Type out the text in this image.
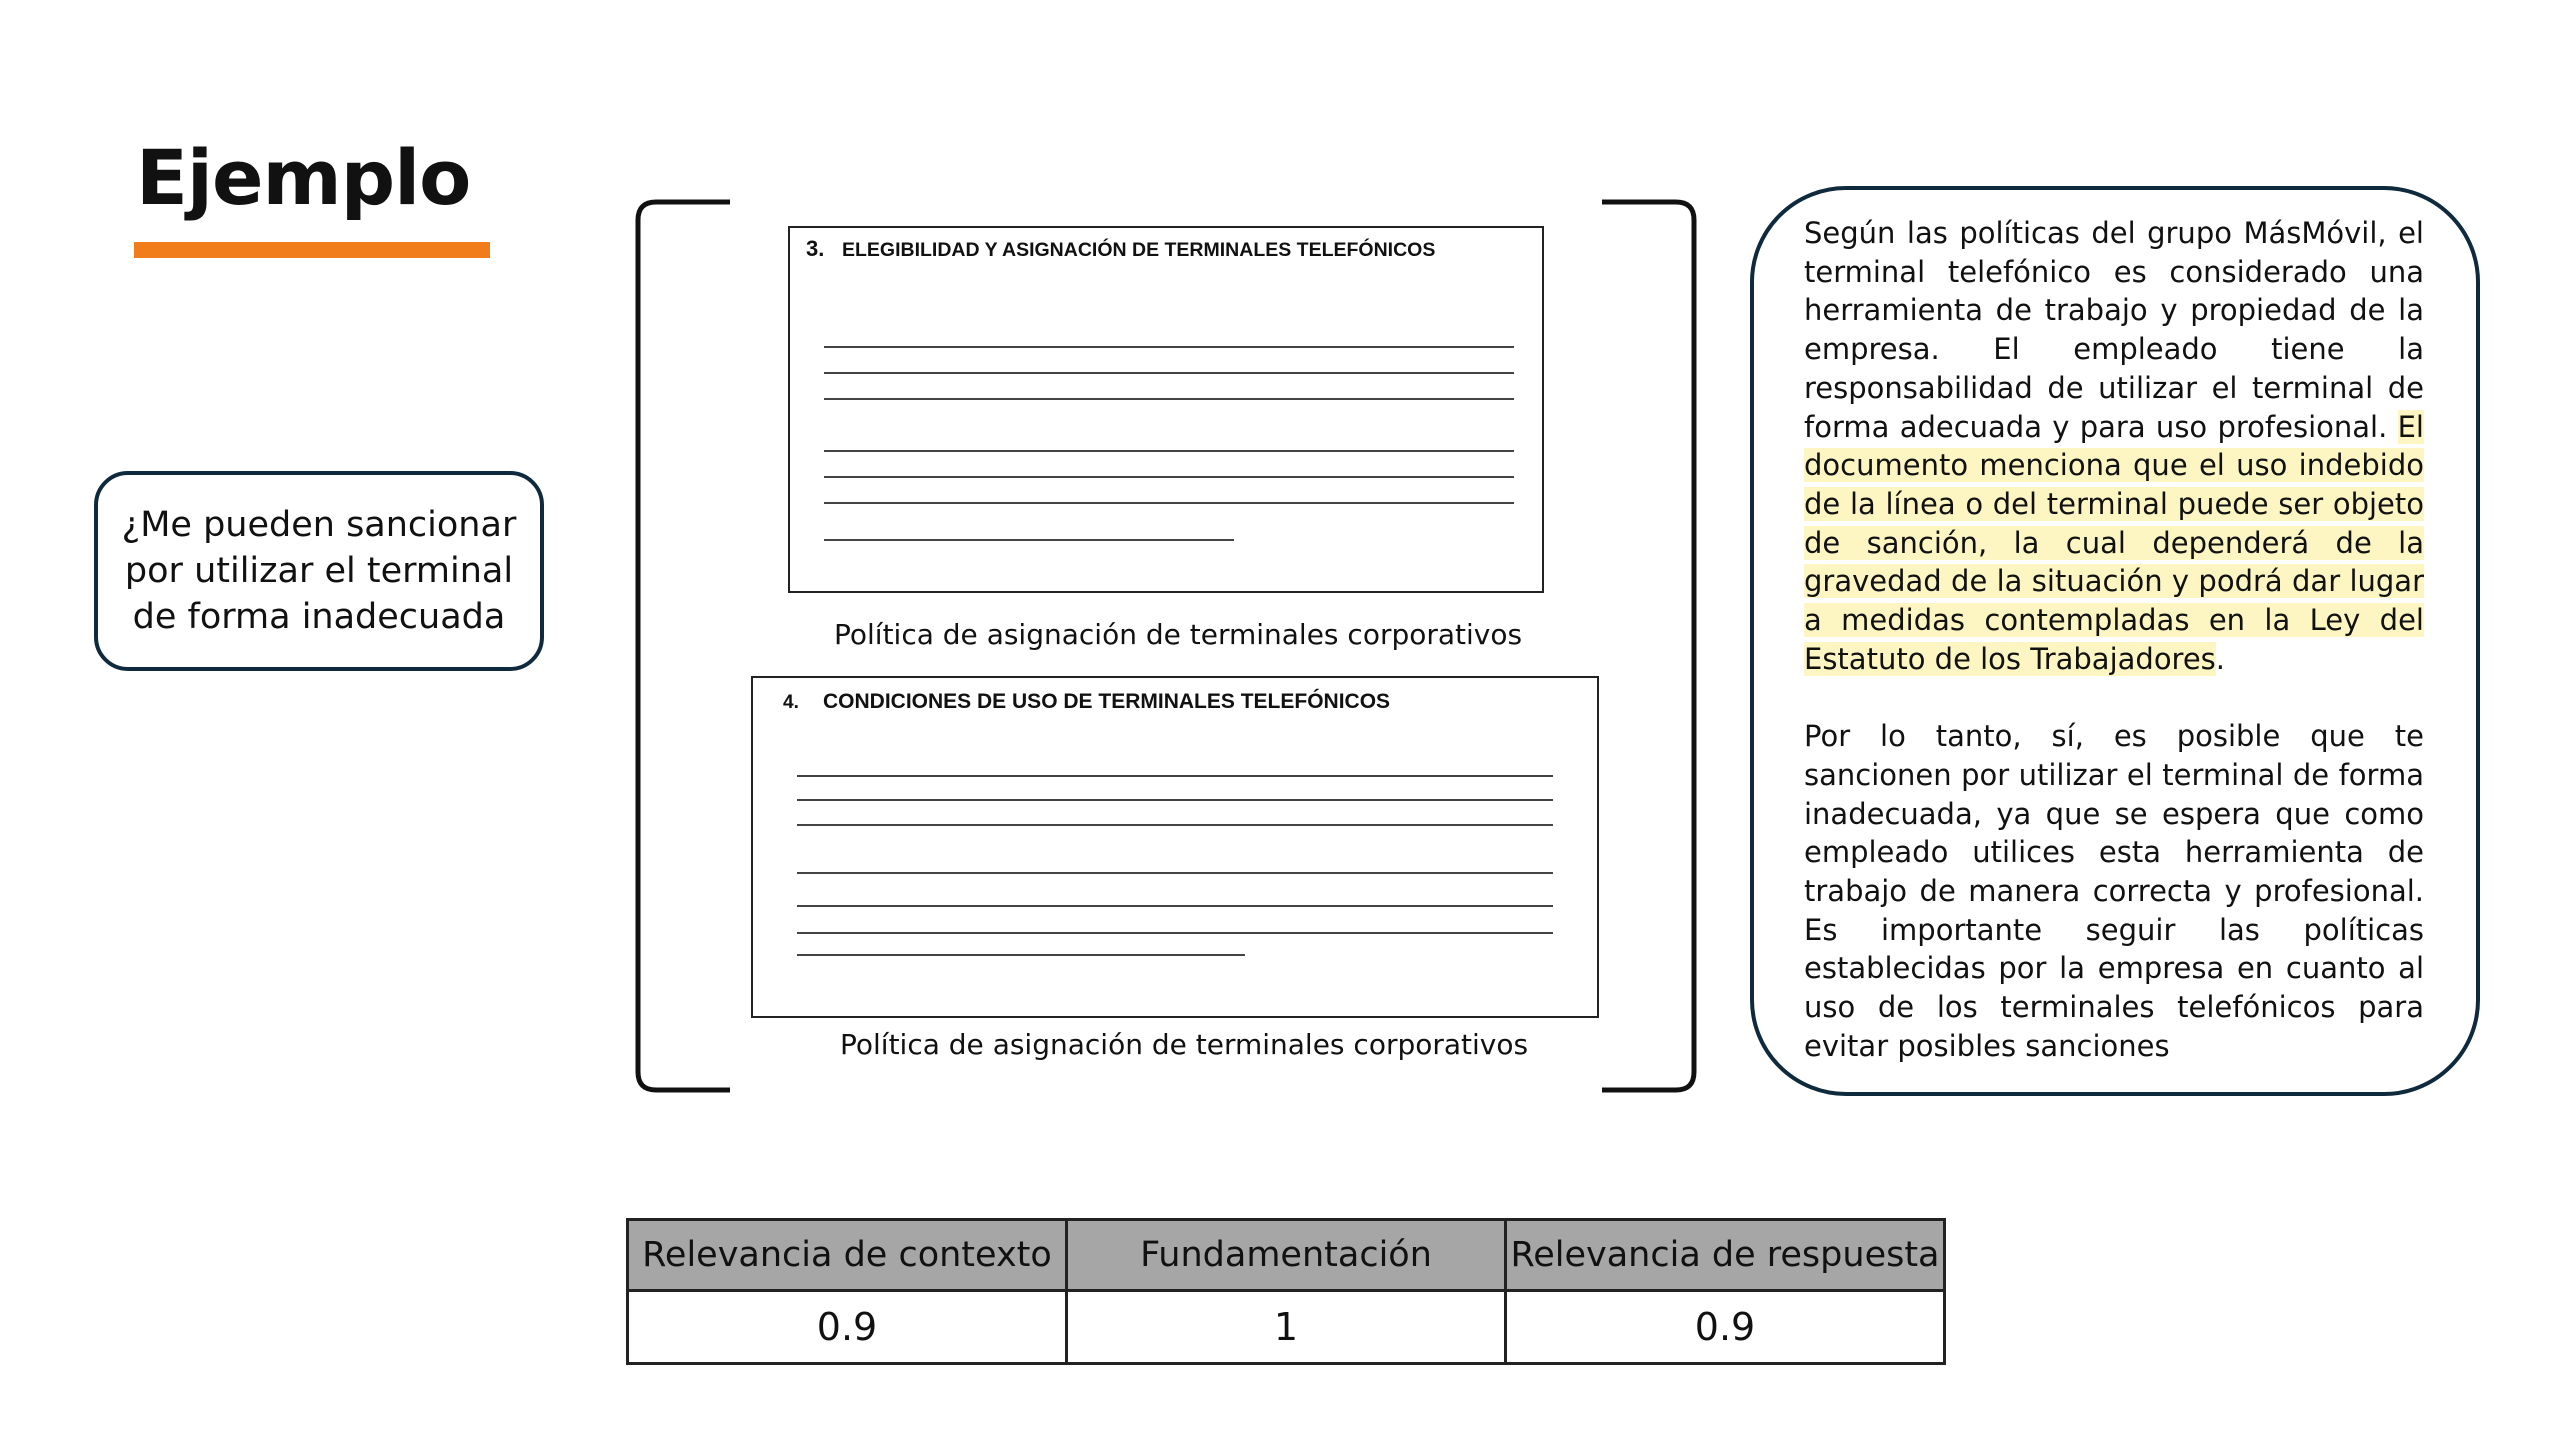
Ejemplo
¿Me pueden sancionar por utilizar el terminal de forma inadecuada
3. ELEGIBILIDAD Y ASIGNACIÓN DE TERMINALES TELEFÓNICOS
Política de asignación de terminales corporativos
4. CONDICIONES DE USO DE TERMINALES TELEFÓNICOS
Política de asignación de terminales corporativos

Según las políticas del grupo MásMóvil, el terminal telefónico es considerado una herramienta de trabajo y propiedad de la empresa. El empleado tiene la responsabilidad de utilizar el terminal de forma adecuada y para uso profesional. El documento menciona que el uso indebido de la línea o del terminal puede ser objeto de sanción, la cual dependerá de la gravedad de la situación y podrá dar lugar a medidas contempladas en la Ley del Estatuto de los Trabajadores.

Por lo tanto, sí, es posible que te sancionen por utilizar el terminal de forma inadecuada, ya que se espera que como empleado utilices esta herramienta de trabajo de manera correcta y profesional. Es importante seguir las políticas establecidas por la empresa en cuanto al uso de los terminales telefónicos para evitar posibles sanciones

Relevancia de contexto	Fundamentación	Relevancia de respuesta
0.9	1	0.9
